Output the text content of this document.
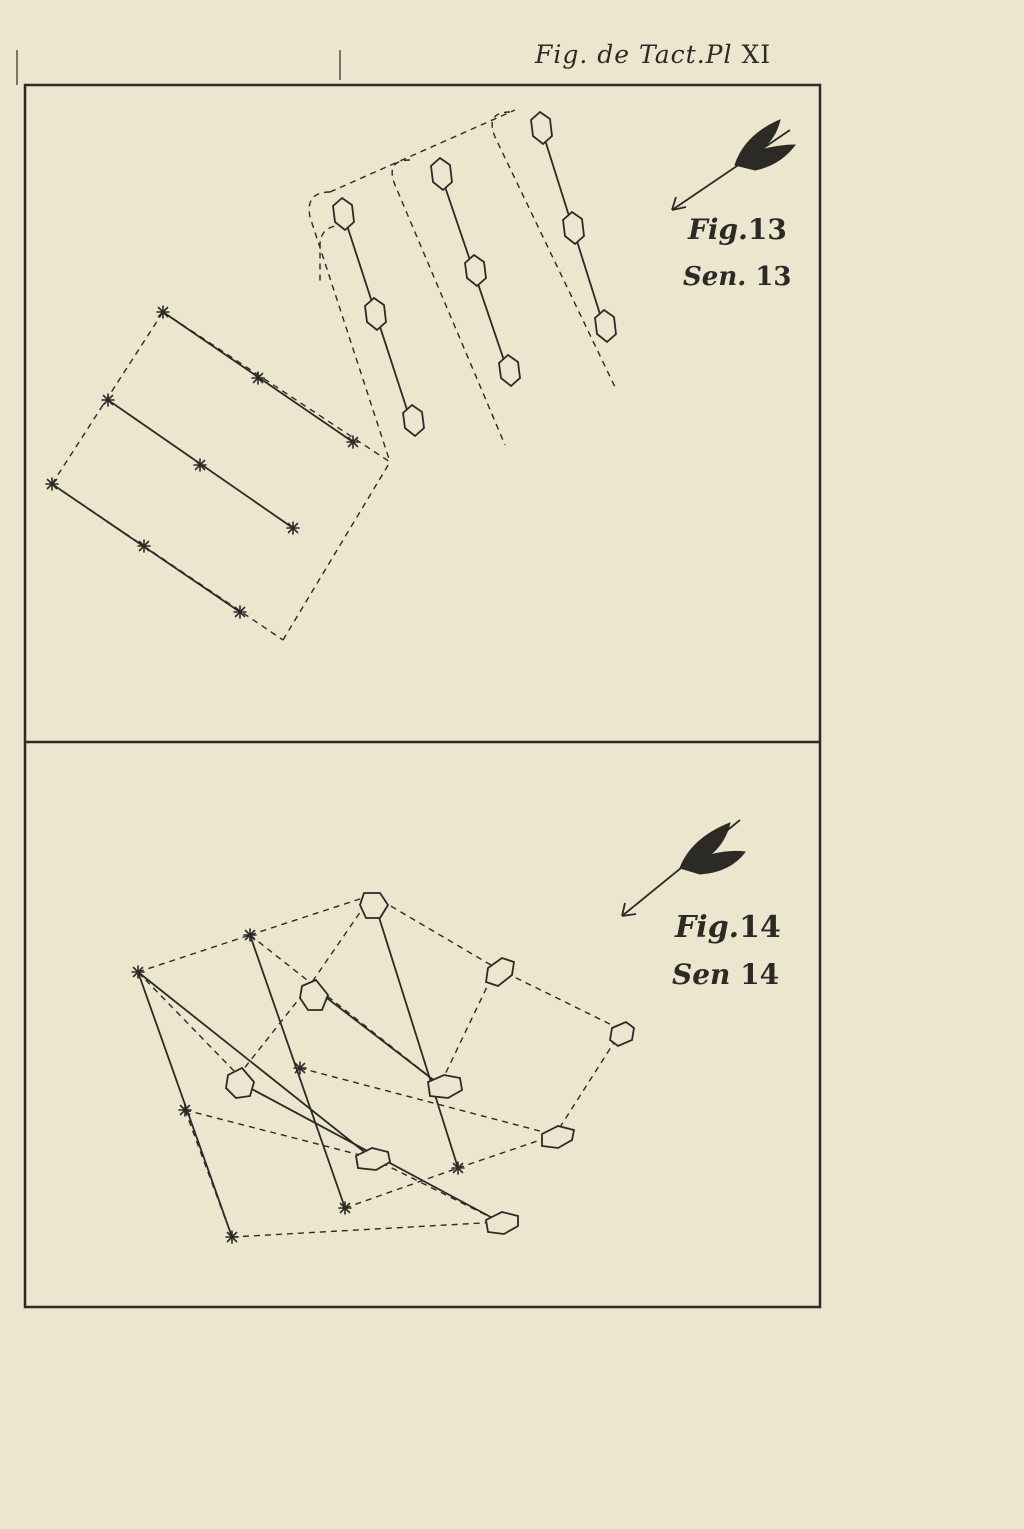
Fig. de Tact.Pl XI
Fig.13
Sen. 13
Fig.14
Sen 14
